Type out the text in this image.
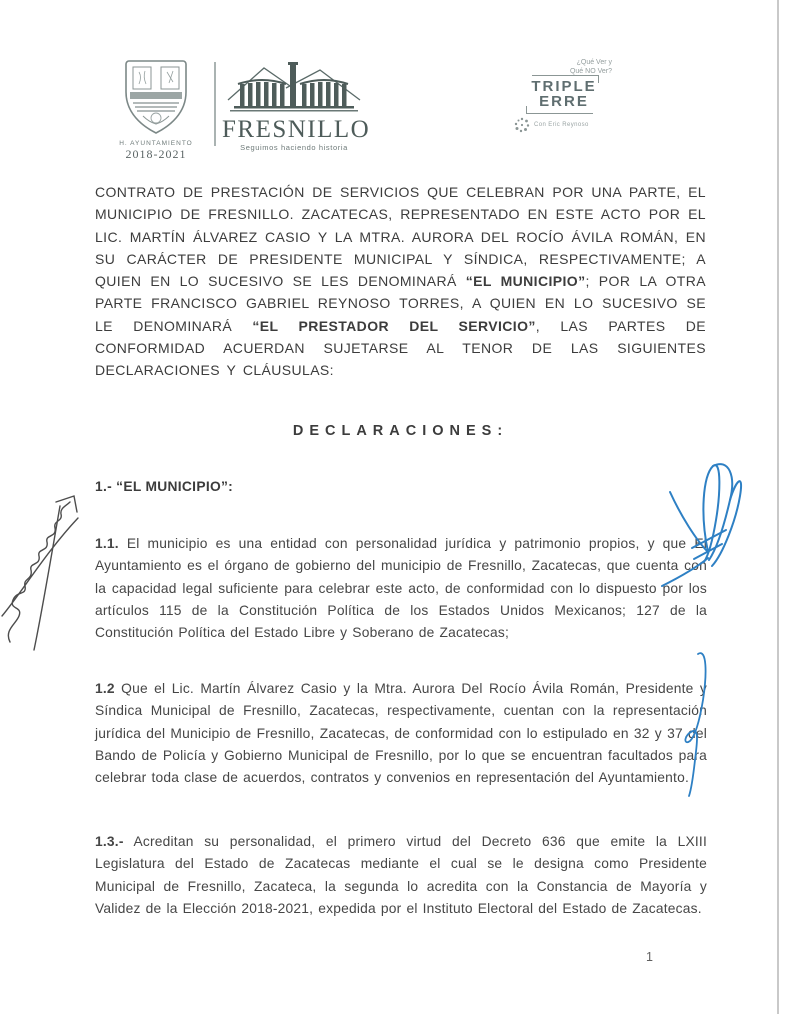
H. AYUNTAMIENTO
2018-2021
FRESNILLO
Seguimos haciendo historia
¿Qué Ver y
Qué NO Ver?
TRIPLE
ERRE
Con Eric Reynoso

CONTRATO DE PRESTACIÓN DE SERVICIOS QUE CELEBRAN POR UNA PARTE, EL MUNICIPIO DE FRESNILLO. ZACATECAS, REPRESENTADO EN ESTE ACTO POR EL LIC. MARTÍN ÁLVAREZ CASIO Y LA MTRA. AURORA DEL ROCÍO ÁVILA ROMÁN, EN SU CARÁCTER DE PRESIDENTE MUNICIPAL Y SÍNDICA, RESPECTIVAMENTE; A QUIEN EN LO SUCESIVO SE LES DENOMINARÁ “EL MUNICIPIO”; POR LA OTRA PARTE FRANCISCO GABRIEL REYNOSO TORRES, A QUIEN EN LO SUCESIVO SE LE DENOMINARÁ “EL PRESTADOR DEL SERVICIO”, LAS PARTES DE CONFORMIDAD ACUERDAN SUJETARSE AL TENOR DE LAS SIGUIENTES DECLARACIONES Y CLÁUSULAS:

DECLARACIONES:
1.- “EL MUNICIPIO”:

1.1. El municipio es una entidad con personalidad jurídica y patrimonio propios, y que El Ayuntamiento es el órgano de gobierno del municipio de Fresnillo, Zacatecas, que cuenta con la capacidad legal suficiente para celebrar este acto, de conformidad con lo dispuesto por los artículos 115 de la Constitución Política de los Estados Unidos Mexicanos; 127 de la Constitución Política del Estado Libre y Soberano de Zacatecas;

1.2 Que el Lic. Martín Álvarez Casio y la Mtra. Aurora Del Rocío Ávila Román, Presidente y Síndica Municipal de Fresnillo, Zacatecas, respectivamente, cuentan con la representación jurídica del Municipio de Fresnillo, Zacatecas, de conformidad con lo estipulado en 32 y 37 del Bando de Policía y Gobierno Municipal de Fresnillo, por lo que se encuentran facultados para celebrar toda clase de acuerdos, contratos y convenios en representación del Ayuntamiento.

1.3.- Acreditan su personalidad, el primero virtud del Decreto 636 que emite la LXIII Legislatura del Estado de Zacatecas mediante el cual se le designa como Presidente Municipal de Fresnillo, Zacateca, la segunda lo acredita con la Constancia de Mayoría y Validez de la Elección 2018-2021, expedida por el Instituto Electoral del Estado de Zacatecas.

1
